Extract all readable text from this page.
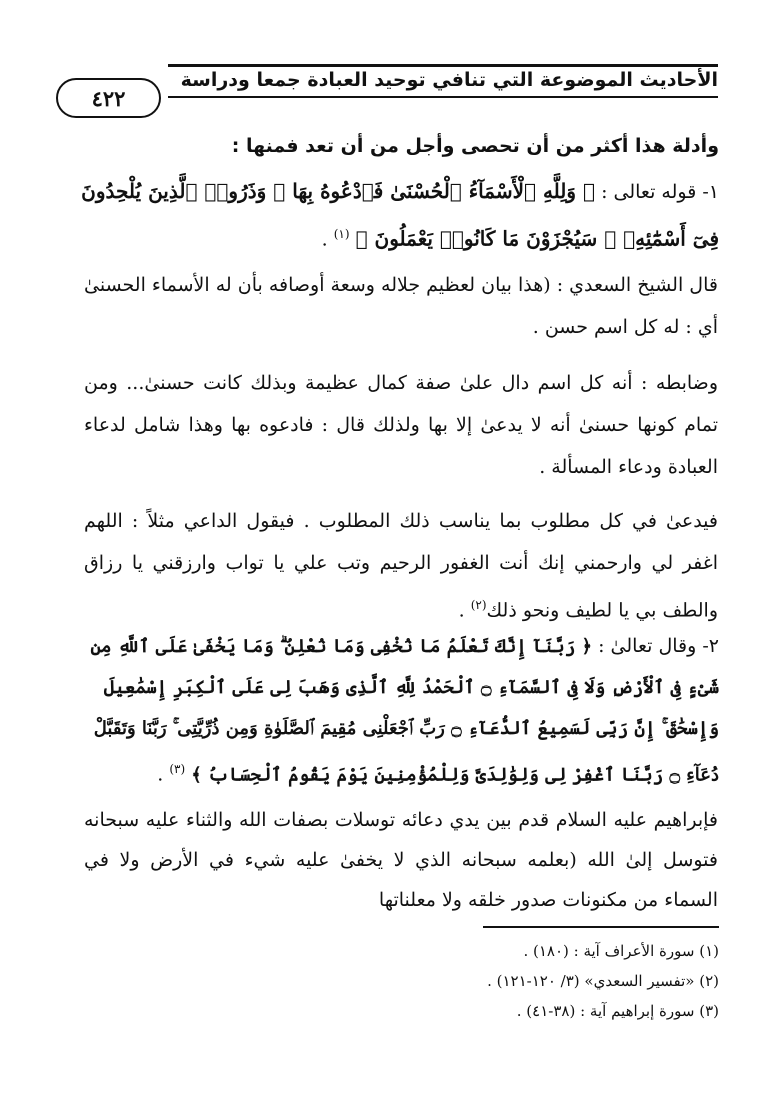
الأحاديث الموضوعة التي تنافي توحيد العبادة جمعا ودراسة
٤٢٢
وأدلة هذا أكثر من أن تحصى وأجل من أن تعد فمنها :
١- قوله تعالى : ﴿ وَلِلَّهِ ٱلْأَسْمَآءُ ٱلْحُسْنَىٰ فَٱدْعُوهُ بِهَا ۖ وَذَرُوا۟ ٱلَّذِينَ يُلْحِدُونَ فِىٓ أَسْمَٰٓئِهِۦ ۚ سَيُجْزَوْنَ مَا كَانُوا۟ يَعْمَلُونَ ﴾ $^{(١)}$ .
قال الشيخ السعدي : (هذا بيان لعظيم جلاله وسعة أوصافه بأن له الأسماء الحسنىٰ أي : له كل اسم حسن .
وضابطه : أنه كل اسم دال علىٰ صفة كمال عظيمة وبذلك كانت حسنىٰ... ومن تمام كونها حسنىٰ أنه لا يدعىٰ إلا بها ولذلك قال : فادعوه بها وهذا شامل لدعاء العبادة ودعاء المسألة .
فيدعىٰ في كل مطلوب بما يناسب ذلك المطلوب . فيقول الداعي مثلاً : اللهم اغفر لي وارحمني إنك أنت الغفور الرحيم وتب علي يا تواب وارزقني يا رزاق والطف بي يا لطيف ونحو ذلك$^{(٢)}$ .
٢- وقال تعالىٰ : ﴿ رَبَّنَآ إِنَّكَ تَعْلَمُ مَا نُخْفِى وَمَا نُعْلِنُ ۗ وَمَا يَخْفَىٰ عَلَى ٱللَّهِ مِن شَىْءٍ فِى ٱلْأَرْضِ وَلَا فِى ٱلسَّمَآءِ ۝ ٱلْحَمْدُ لِلَّهِ ٱلَّذِى وَهَبَ لِى عَلَى ٱلْكِبَرِ إِسْمَٰعِيلَ وَإِسْحَٰقَ ۚ إِنَّ رَبِّى لَسَمِيعُ ٱلدُّعَآءِ ۝ رَبِّ ٱجْعَلْنِى مُقِيمَ ٱلصَّلَوٰةِ وَمِن ذُرِّيَّتِى ۚ رَبَّنَا وَتَقَبَّلْ دُعَآءِ ۝ رَبَّنَا ٱغْفِرْ لِى وَلِوَٰلِدَىَّ وَلِلْمُؤْمِنِينَ يَوْمَ يَقُومُ ٱلْحِسَابُ ﴾ $^{(٣)}$ .
فإبراهيم عليه السلام قدم بين يدي دعائه توسلات بصفات الله والثناء عليه سبحانه فتوسل إلىٰ الله (بعلمه سبحانه الذي لا يخفىٰ عليه شيء في الأرض ولا في السماء من مكنونات صدور خلقه ولا معلناتها
(١) سورة الأعراف آية : (١٨٠) .
(٢) «تفسير السعدي» (٣/ ١٢٠-١٢١) .
(٣) سورة إبراهيم آية : (٣٨-٤١) .
